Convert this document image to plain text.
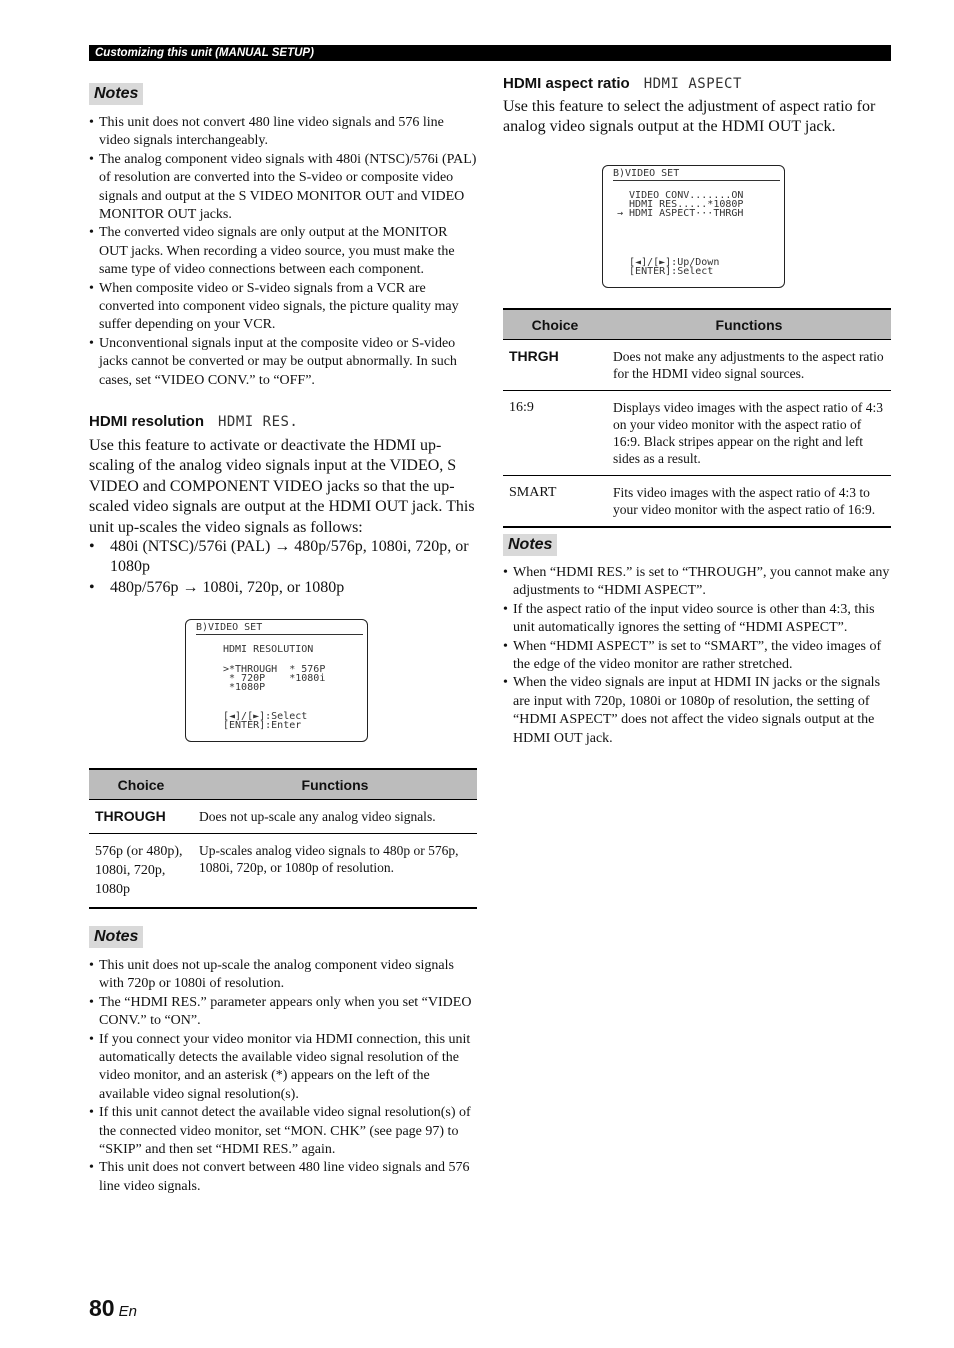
Customizing this unit (MANUAL SETUP)
Notes
• This unit does not convert 480 line video signals and 576 line video signals interchangeably.
• The analog component video signals with 480i (NTSC)/576i (PAL) of resolution are converted into the S-video or composite video signals and output at the S VIDEO MONITOR OUT and VIDEO MONITOR OUT jacks.
• The converted video signals are only output at the MONITOR OUT jacks. When recording a video source, you must make the same type of video connections between each component.
• When composite video or S-video signals from a VCR are converted into component video signals, the picture quality may suffer depending on your VCR.
• Unconventional signals input at the composite video or S-video jacks cannot be converted or may be output abnormally. In such cases, set “VIDEO CONV.” to “OFF”.
HDMI resolution HDMI RES.

Use this feature to activate or deactivate the HDMI up-scaling of the analog video signals input at the VIDEO, S VIDEO and COMPONENT VIDEO jacks so that the up-scaled video signals are output at the HDMI OUT jack. This unit up-scales the video signals as follows:

• 480i (NTSC)/576i (PAL) → 480p/576p, 1080i, 720p, or 1080p
• 480p/576p → 1080i, 720p, or 1080p
B)VIDEO SET
HDMI RESOLUTION
>*THROUGH  * 576P
* 720P    *1080i
*1080P
[◄]/[►]:Select
[ENTER]:Enter
Choice	Functions
THROUGH	Does not up-scale any analog video signals.
576p (or 480p), 1080i, 720p, 1080p	Up-scales analog video signals to 480p or 576p, 1080i, 720p, or 1080p of resolution.
Notes
• This unit does not up-scale the analog component video signals with 720p or 1080i of resolution.
• The “HDMI RES.” parameter appears only when you set “VIDEO CONV.” to “ON”.
• If you connect your video monitor via HDMI connection, this unit automatically detects the available video signal resolution of the video monitor, and an asterisk (*) appears on the left of the available video signal resolution(s).
• If this unit cannot detect the available video signal resolution(s) of the connected video monitor, set “MON. CHK” (see page 97) to “SKIP” and then set “HDMI RES.” again.
• This unit does not convert between 480 line video signals and 576 line video signals.
HDMI aspect ratio HDMI ASPECT

Use this feature to select the adjustment of aspect ratio for analog video signals output at the HDMI OUT jack.

B)VIDEO SET
VIDEO CONV.......ON
HDMI RES.....*1080P
→ HDMI ASPECT···THRGH
[◄]/[►]:Up/Down
[ENTER]:Select
Choice	Functions
THRGH	Does not make any adjustments to the aspect ratio for the HDMI video signal sources.
16:9	Displays video images with the aspect ratio of 4:3 on your video monitor with the aspect ratio of 16:9. Black stripes appear on the right and left sides as a result.
SMART	Fits video images with the aspect ratio of 4:3 to your video monitor with the aspect ratio of 16:9.
Notes
• When “HDMI RES.” is set to “THROUGH”, you cannot make any adjustments to “HDMI ASPECT”.
• If the aspect ratio of the input video source is other than 4:3, this unit automatically ignores the setting of “HDMI ASPECT”.
• When “HDMI ASPECT” is set to “SMART”, the video images of the edge of the video monitor are rather stretched.
• When the video signals are input at HDMI IN jacks or the signals are input with 720p, 1080i or 1080p of resolution, the setting of “HDMI ASPECT” does not affect the video signals output at the HDMI OUT jack.
80 En
